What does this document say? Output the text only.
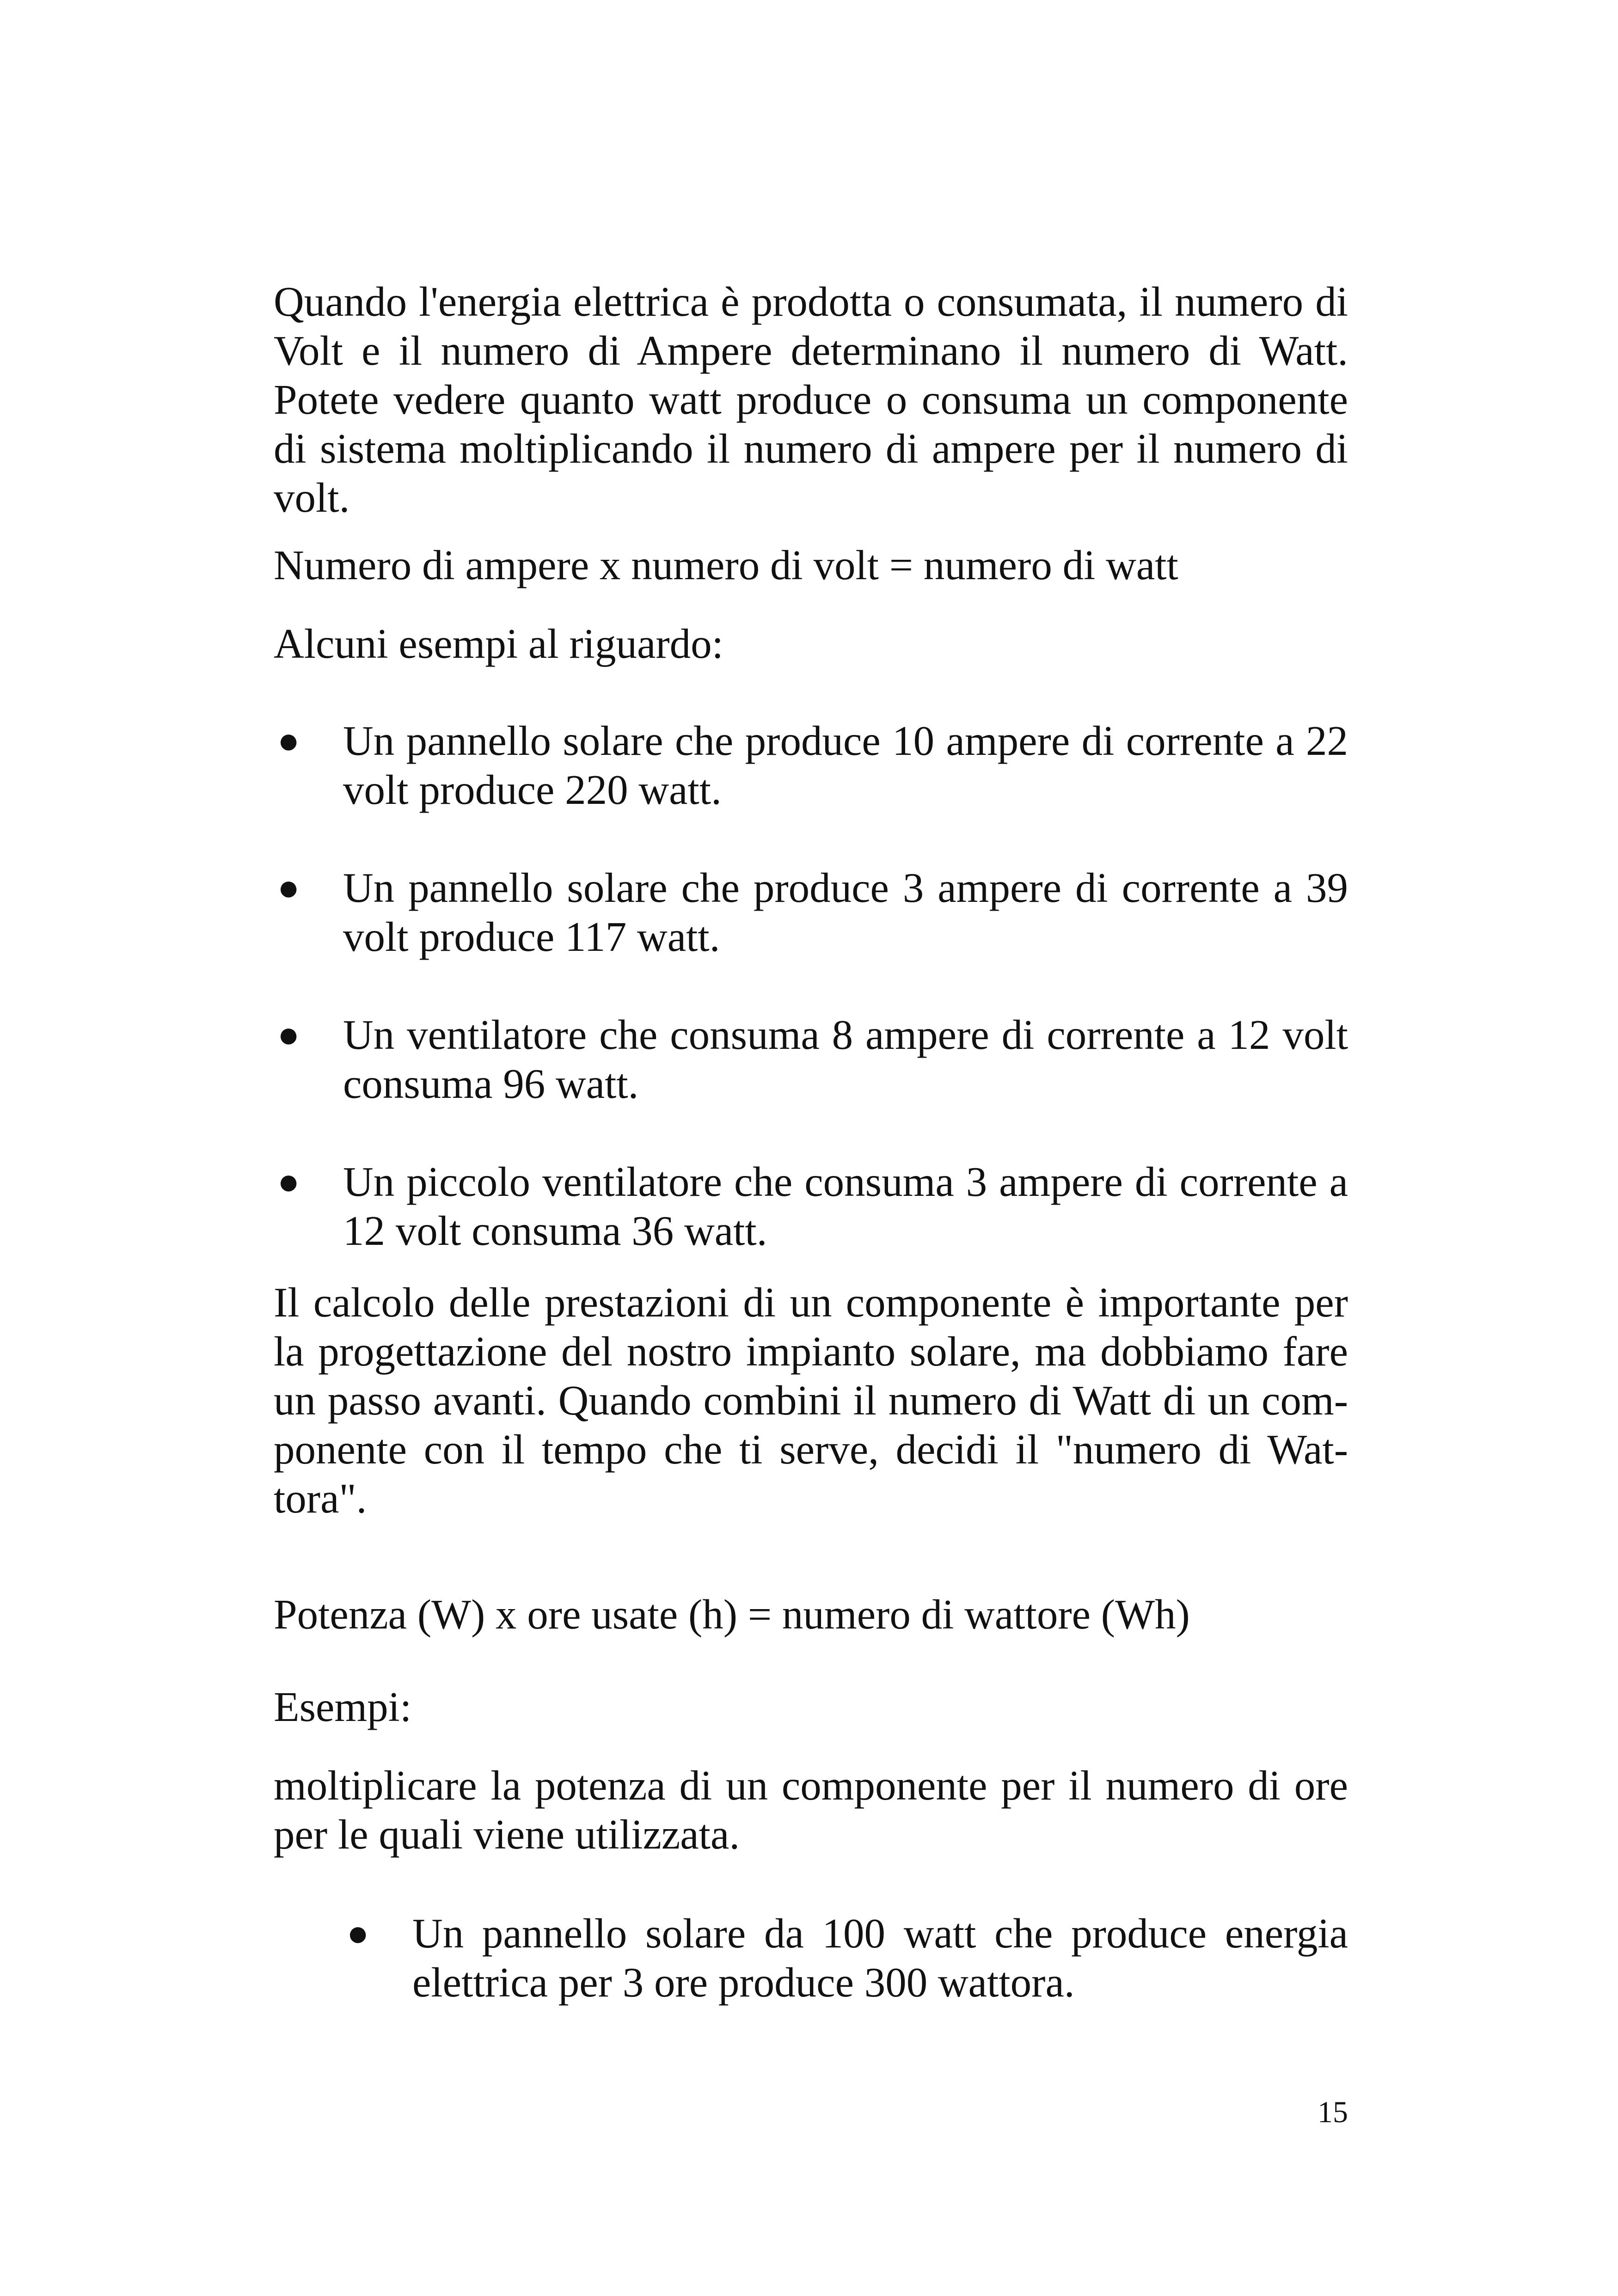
Quando l'energia elettrica è prodotta o consumata, il numero di Volt e il numero di Ampere determinano il numero di Watt. Potete vedere quanto watt produce o consuma un componente di sistema moltiplicando il numero di ampere per il numero di volt.

Numero di ampere x numero di volt = numero di watt

Alcuni esempi al riguardo:

● Un pannello solare che produce 10 ampere di corrente a 22 volt produce 220 watt.

● Un pannello solare che produce 3 ampere di corrente a 39 volt produce 117 watt.

● Un ventilatore che consuma 8 ampere di corrente a 12 volt consuma 96 watt.

● Un piccolo ventilatore che consuma 3 ampere di corrente a 12 volt consuma 36 watt.

Il calcolo delle prestazioni di un componente è importante per la progettazione del nostro impianto solare, ma dobbiamo fare un passo avanti. Quando combini il numero di Watt di un componente con il tempo che ti serve, decidi il "numero di Wattora".

Potenza (W) x ore usate (h) = numero di wattore (Wh)

Esempi:

moltiplicare la potenza di un componente per il numero di ore per le quali viene utilizzata.

● Un pannello solare da 100 watt che produce energia elettrica per 3 ore produce 300 wattora.

15
